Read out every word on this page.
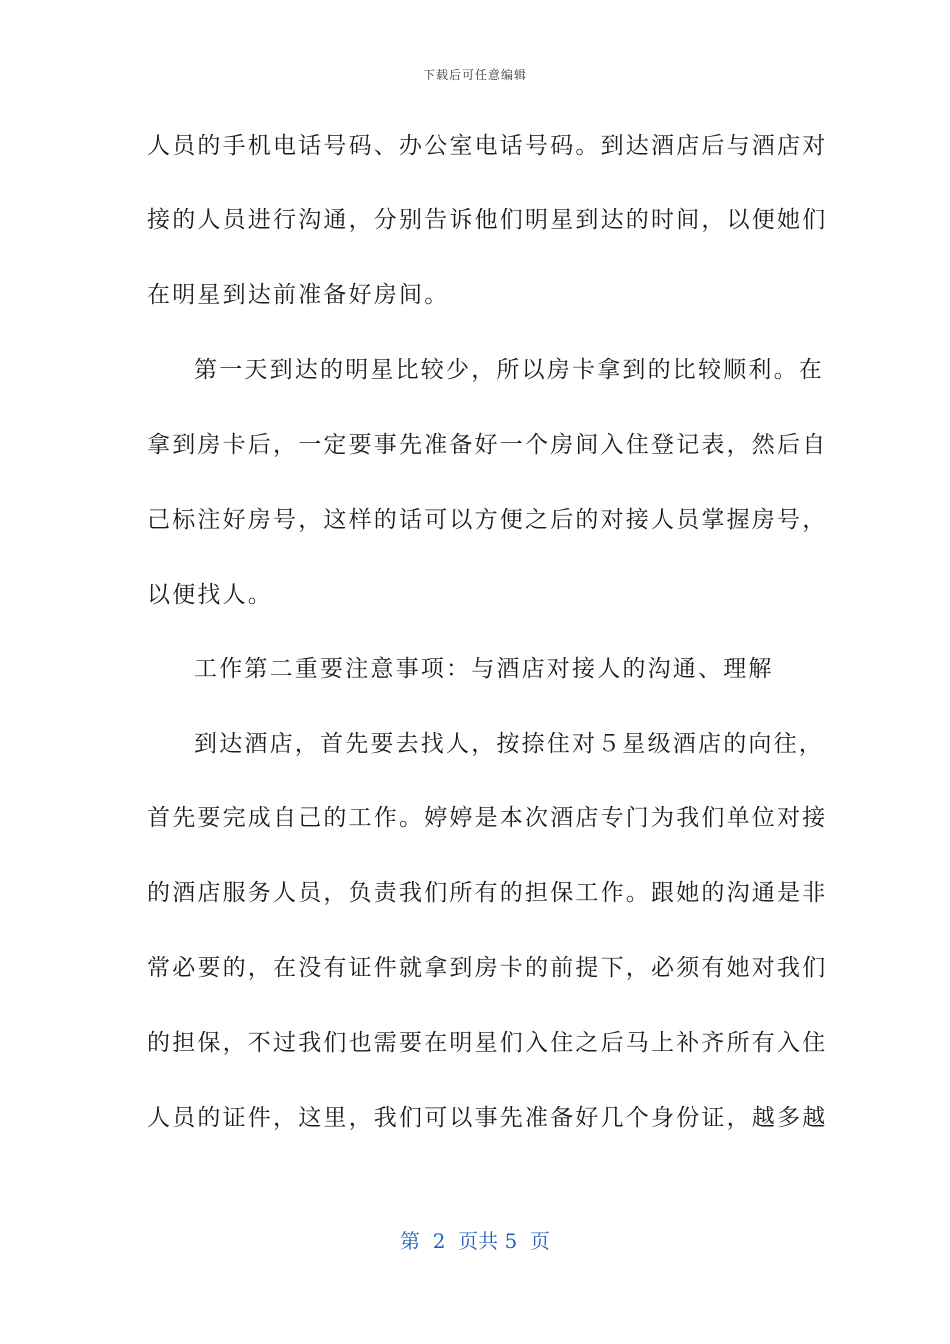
下载后可任意编辑
人员的手机电话号码、办公室电话号码。到达酒店后与酒店对
接的人员进行沟通，分别告诉他们明星到达的时间，以便她们
在明星到达前准备好房间。
第一天到达的明星比较少，所以房卡拿到的比较顺利。在
拿到房卡后，一定要事先准备好一个房间入住登记表，然后自
己标注好房号，这样的话可以方便之后的对接人员掌握房号，
以便找人。
工作第二重要注意事项：与酒店对接人的沟通、理解
到达酒店，首先要去找人，按捺住对５星级酒店的向往，
首先要完成自己的工作。婷婷是本次酒店专门为我们单位对接
的酒店服务人员，负责我们所有的担保工作。跟她的沟通是非
常必要的，在没有证件就拿到房卡的前提下，必须有她对我们
的担保，不过我们也需要在明星们入住之后马上补齐所有入住
人员的证件，这里，我们可以事先准备好几个身份证，越多越
第  2  页共 5  页
